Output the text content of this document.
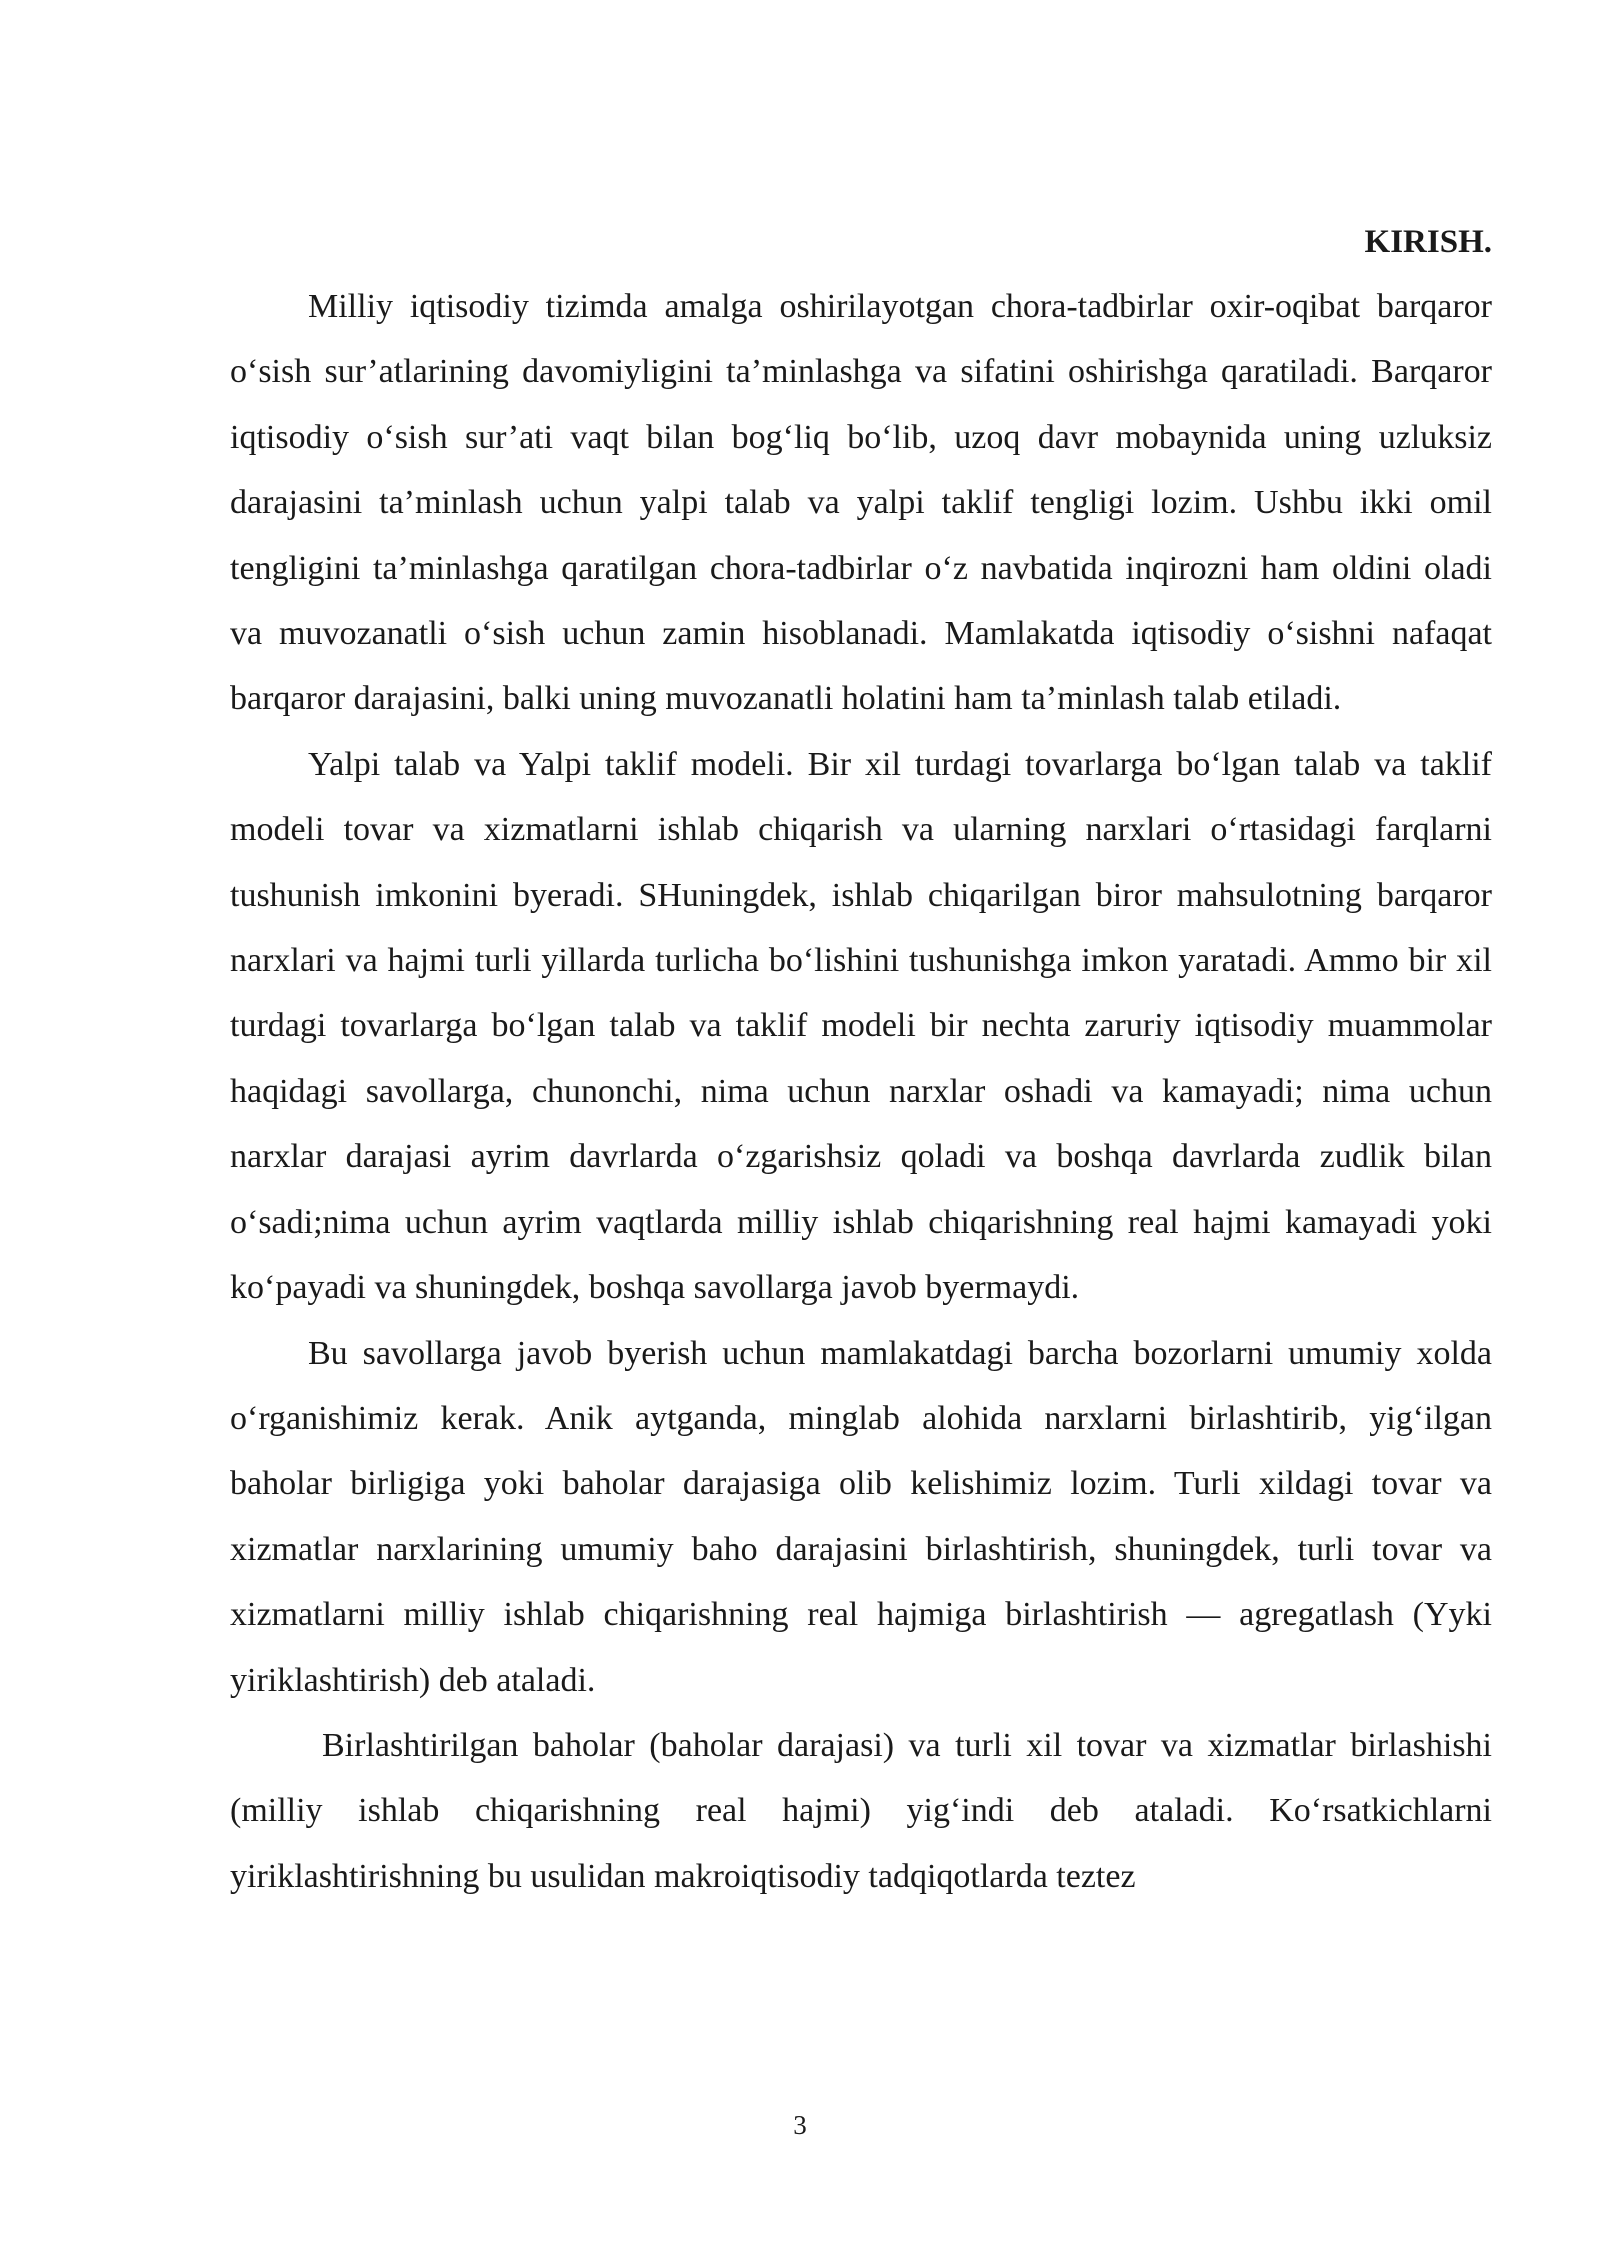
KIRISH.

Milliy iqtisodiy tizimda amalga oshirilayotgan chora-tadbirlar oxir-oqibat barqaror o‘sish sur’atlarining davomiyligini ta’minlashga va sifatini oshirishga qaratiladi. Barqaror iqtisodiy o‘sish sur’ati vaqt bilan bog‘liq bo‘lib, uzoq davr mobaynida uning uzluksiz darajasini ta’minlash uchun yalpi talab va yalpi taklif tengligi lozim. Ushbu ikki omil tengligini ta’minlashga qaratilgan chora-tadbirlar o‘z navbatida inqirozni ham oldini oladi va muvozanatli o‘sish uchun zamin hisoblanadi. Mamlakatda iqtisodiy o‘sishni nafaqat barqaror darajasini, balki uning muvozanatli holatini ham ta’minlash talab etiladi.

Yalpi talab va Yalpi taklif modeli. Bir xil turdagi tovarlarga bo‘lgan talab va taklif modeli tovar va xizmatlarni ishlab chiqarish va ularning narxlari o‘rtasidagi farqlarni tushunish imkonini byeradi. SHuningdek, ishlab chiqarilgan biror mahsulotning barqaror narxlari va hajmi turli yillarda turlicha bo‘lishini tushunishga imkon yaratadi. Ammo bir xil turdagi tovarlarga bo‘lgan talab va taklif modeli bir nechta zaruriy iqtisodiy muammolar haqidagi savollarga, chunonchi, nima uchun narxlar oshadi va kamayadi; nima uchun narxlar darajasi ayrim davrlarda o‘zgarishsiz qoladi va boshqa davrlarda zudlik bilan o‘sadi;nima uchun ayrim vaqtlarda milliy ishlab chiqarishning real hajmi kamayadi yoki ko‘payadi va shuningdek, boshqa savollarga javob byermaydi.

Bu savollarga javob byerish uchun mamlakatdagi barcha bozorlarni umumiy xolda o‘rganishimiz kerak. Anik aytganda, minglab alohida narxlarni birlashtirib, yig‘ilgan baholar birligiga yoki baholar darajasiga olib kelishimiz lozim. Turli xildagi tovar va xizmatlar narxlarining umumiy baho darajasini birlashtirish, shuningdek, turli tovar va xizmatlarni milliy ishlab chiqarishning real hajmiga birlashtirish — agregatlash (Yyki yiriklashtirish) deb ataladi.

Birlashtirilgan baholar (baholar darajasi) va turli xil tovar va xizmatlar birlashishi (milliy ishlab chiqarishning real hajmi) yig‘indi deb ataladi. Ko‘rsatkichlarni yiriklashtirishning bu usulidan makroiqtisodiy tadqiqotlarda teztez

3
